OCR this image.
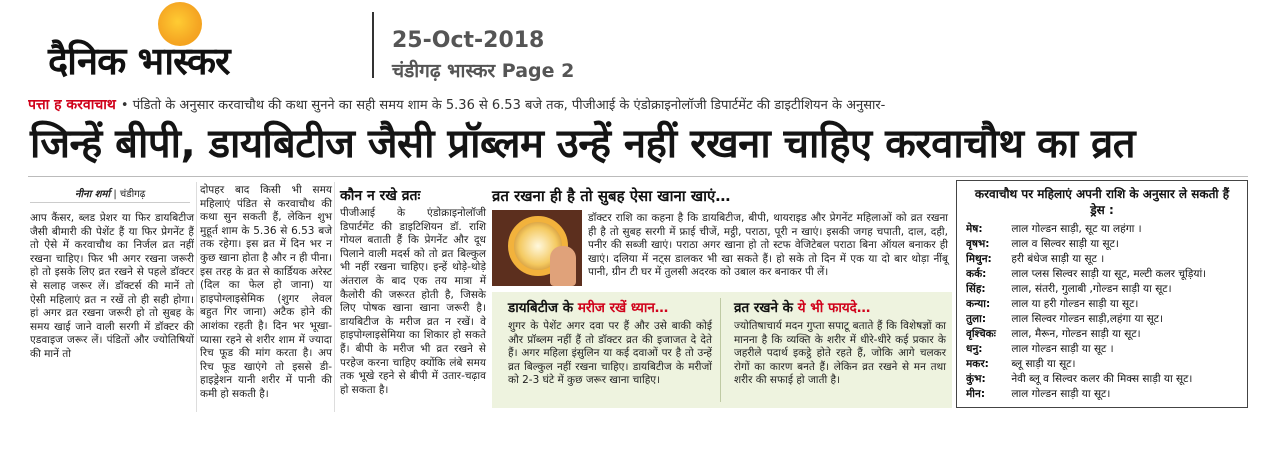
दैनिक भास्कर	25-Oct-2018
चंडीगढ़ भास्कर Page 2
पत्ता ह करवाचाथ • पंडितो के अनुसार करवाचौथ की कथा सुनने का सही समय शाम के 5.36 से 6.53 बजे तक, पीजीआई के एंडोक्राइनोलॉजी डिपार्टमेंट की डाइटीशियन के अनुसार-
जिन्हें बीपी, डायबिटीज जैसी प्रॉब्लम उन्हें नहीं रखना चाहिए करवाचौथ का व्रत
नीना शर्मा | चंडीगढ़

आप कैंसर, ब्लड प्रेशर या फिर डायबिटीज जैसी बीमारी की पेशेंट हैं या फिर प्रेगनेंट हैं तो ऐसे में करवाचौथ का निर्जल व्रत नहीं रखना चाहिए। फिर भी अगर रखना जरूरी हो तो इसके लिए व्रत रखने से पहले डॉक्टर से सलाह जरूर लें। डॉक्टर्स की मानें तो ऐसी महिलाएं व्रत न रखें तो ही सही होगा। हां अगर व्रत रखना जरूरी हो तो सुबह के समय खाई जाने वाली सरगी में डॉक्टर की एडवाइज जरूर लें। पंडितों और ज्योतिषियों की मानें तो

दोपहर बाद किसी भी समय महिलाएं पंडित से करवाचौथ की कथा सुन सकती हैं, लेकिन शुभ मुहूर्त शाम के 5.36 से 6.53 बजे तक रहेगा। इस व्रत में दिन भर न कुछ खाना होता है और न ही पीना। इस तरह के व्रत से कार्डियक अरेस्ट (दिल का फेल हो जाना) या हाइपोग्लाइसेमिक (शुगर लेवल बहुत गिर जाना) अटैक होने की आशंका रहती है। दिन भर भूखा-प्यासा रहने से शरीर शाम में ज्यादा रिच फूड की मांग करता है। अप रिच फूड खाएंगे तो इससे डी-हाइड्रेशन यानी शरीर में पानी की कमी हो सकती है।

कौन न रखे व्रतः

पीजीआई के एंडोक्राइनोलॉजी डिपार्टमेंट की डाइटिशियन डॉ. राशि गोयल बताती हैं कि प्रेगनेंट और दूध पिलाने वाली मदर्स को तो व्रत बिल्कुल भी नहीं रखना चाहिए। इन्हें थोड़े-थोड़े अंतराल के बाद एक तय मात्रा में कैलोरी की जरूरत होती है, जिसके लिए पोषक खाना खाना जरूरी है। डायबिटीज के मरीज व्रत न रखें। वे हाइपोग्लाइसेमिया का शिकार हो सकते हैं। बीपी के मरीज भी व्रत रखने से परहेज करना चाहिए क्योंकि लंबे समय तक भूखे रहने से बीपी में उतार-चढ़ाव हो सकता है।

व्रत रखना ही है तो सुबह ऐसा खाना खाएं…

डॉक्टर राशि का कहना है कि डायबिटीज, बीपी, थायराइड और प्रेगनेंट महिलाओं को व्रत रखना ही है तो सुबह सरगी में फ्राई चीजें, मट्ठी, पराठा, पूरी न खाएं। इसकी जगह चपाती, दाल, दही, पनीर की सब्जी खाएं। पराठा अगर खाना हो तो स्टफ वेजिटेबल पराठा बिना ऑयल बनाकर ही खाएं। दलिया में नट्स डालकर भी खा सकते हैं। हो सके तो दिन में एक या दो बार थोड़ा नींबू पानी, ग्रीन टी घर में तुलसी अदरक को उबाल कर बनाकर पी लें।

डायबिटीज के मरीज रखें ध्यान…

शुगर के पेशेंट अगर दवा पर हैं और उसे बाकी कोई और प्रॉब्लम नहीं हैं तो डॉक्टर व्रत की इजाजत दे देते हैं। अगर महिला इंसुलिन या कई दवाओं पर है तो उन्हें व्रत बिल्कुल नहीं रखना चाहिए। डायबिटीज के मरीजों को 2-3 घंटे में कुछ जरूर खाना चाहिए।

व्रत रखने के ये भी फायदे…

ज्योतिषाचार्य मदन गुप्ता सपाटू बताते हैं कि विशेषज्ञों का मानना है कि व्यक्ति के शरीर में धीरे-धीरे कई प्रकार के जहरीले पदार्थ इकट्ठे होते रहते हैं, जोकि आगे चलकर रोगों का कारण बनते हैं। लेकिन व्रत रखने से मन तथा शरीर की सफाई हो जाती है।

करवाचौथ पर महिलाएं अपनी राशि के अनुसार ले सकती हैं ड्रेस :
मेष:	लाल गोल्डन साड़ी, सूट या लहंगा ।
वृषभ: लाल व सिल्वर साड़ी या सूट।
मिथुन: हरी बंधेज साड़ी या सूट ।
कर्क: लाल प्लस सिल्वर साड़ी या सूट, मल्टी कलर चूड़ियां।
सिंह: लाल, संतरी, गुलाबी ,गोल्डन साड़ी या सूट।
कन्या: लाल या हरी गोल्डन साड़ी या सूट।
तुला: लाल सिल्वर गोल्डन साड़ी,लहंगा या सूट।
वृश्चिकः लाल, मैरून, गोल्डन साड़ी या सूट।
धनु:	लाल गोल्डन साड़ी या सूट ।
मकर: ब्लू साड़ी या सूट।
कुंभ: नेवी ब्लू व सिल्वर कलर की मिक्स साड़ी या सूट।
मीन:	लाल गोल्डन साड़ी या सूट।
